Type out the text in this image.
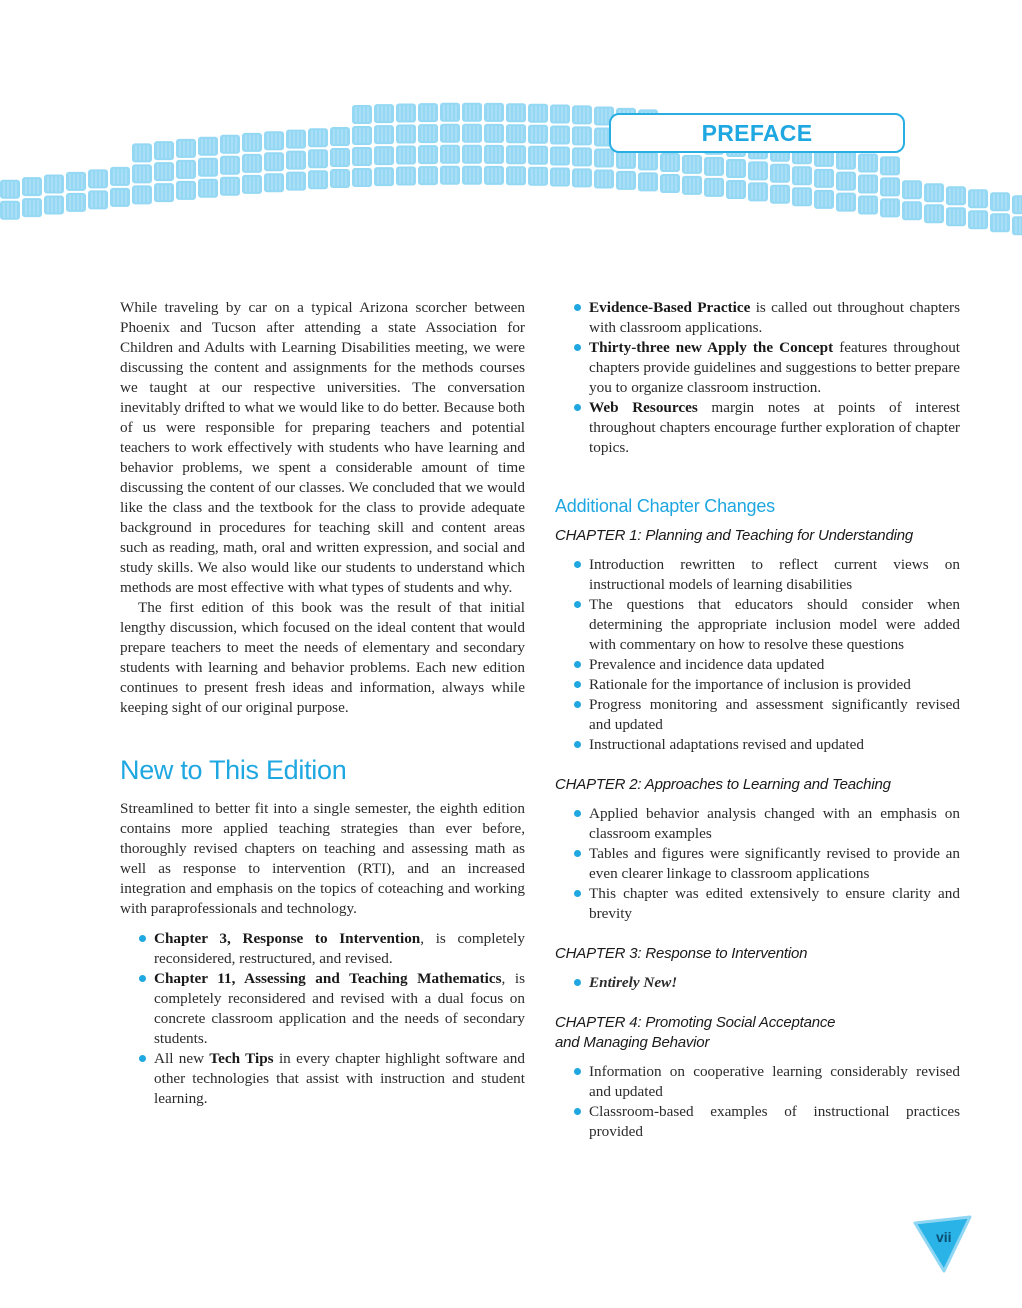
PREFACE

While traveling by car on a typical Arizona scorcher between Phoenix and Tucson after attending a state Association for Children and Adults with Learning Disabilities meeting, we were discussing the content and assignments for the methods courses we taught at our respective universities. The conversation inevitably drifted to what we would like to do better. Because both of us were responsible for preparing teachers and potential teachers to work effectively with students who have learning and behavior problems, we spent a considerable amount of time discussing the content of our classes. We concluded that we would like the class and the textbook for the class to provide adequate background in procedures for teaching skill and content areas such as reading, math, oral and written expression, and social and study skills. We also would like our students to understand which methods are most effective with what types of students and why.

The first edition of this book was the result of that initial lengthy discussion, which focused on the ideal content that would prepare teachers to meet the needs of elementary and secondary students with learning and behavior problems. Each new edition continues to present fresh ideas and information, always while keeping sight of our original purpose.

New to This Edition

Streamlined to better fit into a single semester, the eighth edition contains more applied teaching strategies than ever before, thoroughly revised chapters on teaching and assessing math as well as response to intervention (RTI), and an increased integration and emphasis on the topics of coteaching and working with paraprofessionals and technology.

Chapter 3, Response to Intervention, is completely reconsidered, restructured, and revised.
Chapter 11, Assessing and Teaching Mathematics, is completely reconsidered and revised with a dual focus on concrete classroom application and the needs of secondary students.
All new Tech Tips in every chapter highlight software and other technologies that assist with instruction and student learning.
Evidence-Based Practice is called out throughout chapters with classroom applications.
Thirty-three new Apply the Concept features throughout chapters provide guidelines and suggestions to better prepare you to organize classroom instruction.
Web Resources margin notes at points of interest throughout chapters encourage further exploration of chapter topics.
Additional Chapter Changes
CHAPTER 1: Planning and Teaching for Understanding
Introduction rewritten to reflect current views on instructional models of learning disabilities
The questions that educators should consider when determining the appropriate inclusion model were added with commentary on how to resolve these questions
Prevalence and incidence data updated
Rationale for the importance of inclusion is provided
Progress monitoring and assessment significantly revised and updated
Instructional adaptations revised and updated
CHAPTER 2: Approaches to Learning and Teaching
Applied behavior analysis changed with an emphasis on classroom examples
Tables and figures were significantly revised to provide an even clearer linkage to classroom applications
This chapter was edited extensively to ensure clarity and brevity
CHAPTER 3: Response to Intervention
Entirely New!
CHAPTER 4: Promoting Social Acceptance
and Managing Behavior
Information on cooperative learning considerably revised and updated
Classroom-based examples of instructional practices provided
vii
